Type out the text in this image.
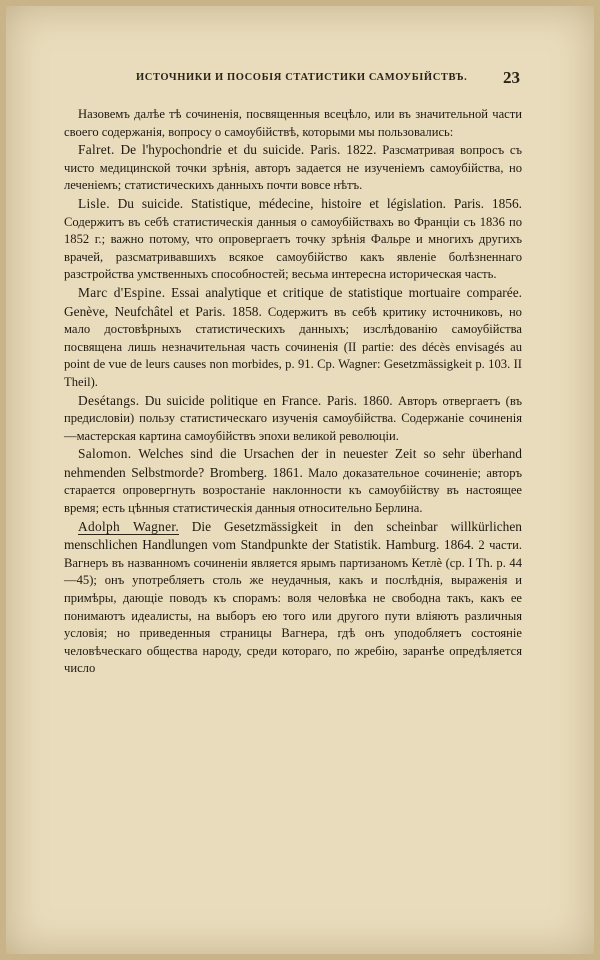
ИСТОЧНИКИ И ПОСОБІЯ СТАТИСТИКИ САМОУБІЙСТВЪ. 23

Назовемъ далѣе тѣ сочиненія, посвященныя всецѣло, или въ значительной части своего содержанія, вопросу о самоубійствѣ, которыми мы пользовались:

Falret. De l'hypochondrie et du suicide. Paris. 1822. Разсматривая вопросъ съ чисто медицинской точки зрѣнія, авторъ задается не изученіемъ самоубійства, но леченіемъ; статистическихъ данныхъ почти вовсе нѣтъ.

Lisle. Du suicide. Statistique, médecine, histoire et législation. Paris. 1856. Содержитъ въ себѣ статистическія данныя о самоубійствахъ во Франціи съ 1836 по 1852 г.; важно потому, что опровергаетъ точку зрѣнія Фальре и многихъ другихъ врачей, разсматривавшихъ всякое самоубійство какъ явленіе болѣзненнаго разстройства умственныхъ способностей; весьма интересна историческая часть.

Marc d'Espine. Essai analytique et critique de statistique mortuaire comparée. Genève, Neufchâtel et Paris. 1858. Содержитъ въ себѣ критику источниковъ, но мало достовѣрныхъ статистическихъ данныхъ; изслѣдованію самоубійства посвящена лишь незначительная часть сочиненія (II partie: des décès envisagés au point de vue de leurs causes non morbides, p. 91. Cp. Wagner: Gesetzmässigkeit p. 103. II Theil).

Desétangs. Du suicide politique en France. Paris. 1860. Авторъ отвергаетъ (въ предисловіи) пользу статистическаго изученія самоубійства. Содержаніе сочиненія—мастерская картина самоубійствъ эпохи великой революціи.

Salomon. Welches sind die Ursachen der in neuester Zeit so sehr überhand nehmenden Selbstmorde? Bromberg. 1861. Мало доказательное сочиненіе; авторъ старается опровергнуть возростаніе наклонности къ самоубійству въ настоящее время; есть цѣнныя статистическія данныя относительно Берлина.

Adolph Wagner. Die Gesetzmässigkeit in den scheinbar willkürlichen menschlichen Handlungen vom Standpunkte der Statistik. Hamburg. 1864. 2 части. Вагнеръ въ названномъ сочиненіи является ярымъ партизаномъ Кетлѐ (ср. I Th. p. 44—45); онъ употребляетъ столь же неудачныя, какъ и послѣднія, выраженія и примѣры, дающіе поводъ къ спорамъ: воля человѣка не свободна такъ, какъ ее понимаютъ идеалисты, на выборъ ею того или другого пути вліяютъ различныя условія; но приведенныя страницы Вагнера, гдѣ онъ уподобляетъ состояніе человѣческаго общества народу, среди котораго, по жребію, заранѣе опредѣляется число
